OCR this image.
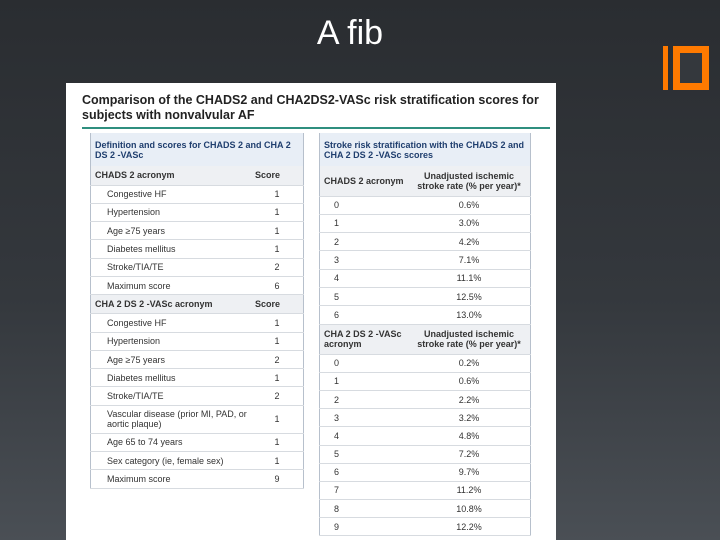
A fib
Comparison of the CHADS2 and CHA2DS2-VASc risk stratification scores for subjects with nonvalvular AF
Definition and scores for CHADS 2 and CHA 2 DS 2 -VASc	
CHADS 2 acronym	Score
Congestive HF	1
Hypertension	1
Age ≥75 years	1
Diabetes mellitus	1
Stroke/TIA/TE	2
Maximum score	6
CHA 2 DS 2 -VASc acronym	Score
Congestive HF	1
Hypertension	1
Age ≥75 years	2
Diabetes mellitus	1
Stroke/TIA/TE	2
Vascular disease (prior MI, PAD, or aortic plaque)	1
Age 65 to 74 years	1
Sex category (ie, female sex)	1
Maximum score	9
Stroke risk stratification with the CHADS 2 and CHA 2 DS 2 -VASc scores	
CHADS 2 acronym	Unadjusted ischemic stroke rate (% per year)*
0	0.6%
1	3.0%
2	4.2%
3	7.1%
4	11.1%
5	12.5%
6	13.0%
CHA 2 DS 2 -VASc acronym	Unadjusted ischemic stroke rate (% per year)*
0	0.2%
1	0.6%
2	2.2%
3	3.2%
4	4.8%
5	7.2%
6	9.7%
7	11.2%
8	10.8%
9	12.2%
